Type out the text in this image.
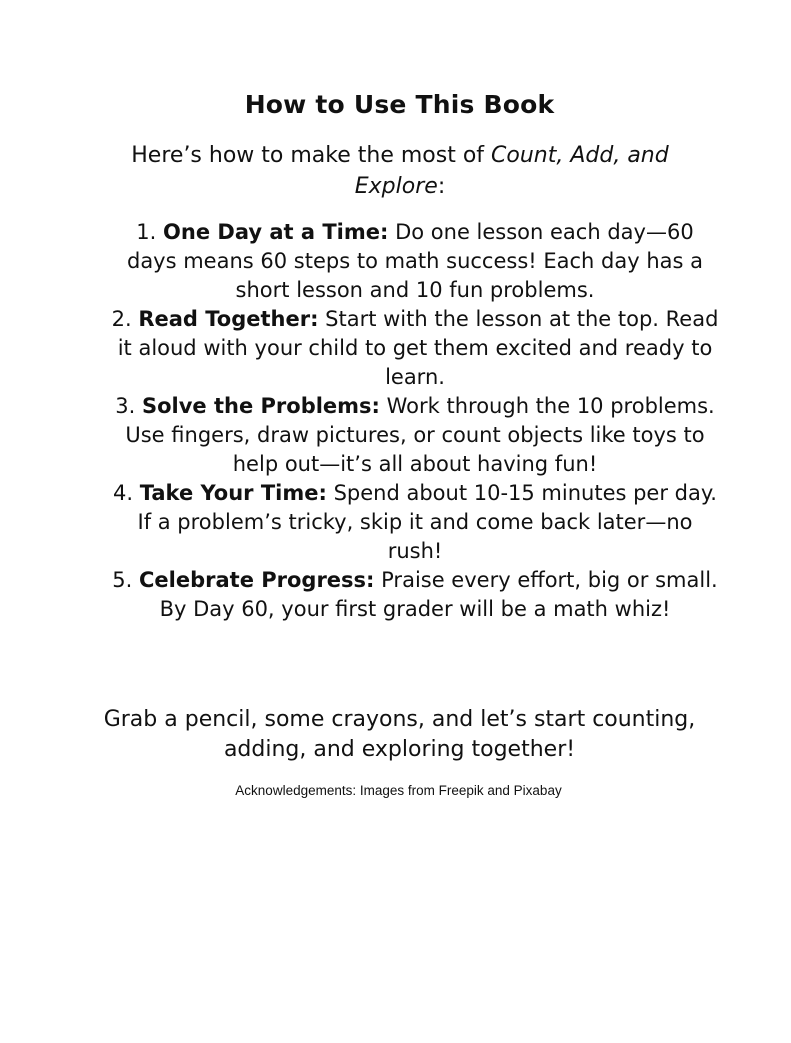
How to Use This Book
Here’s how to make the most of Count, Add, and Explore:
1. One Day at a Time: Do one lesson each day—60 days means 60 steps to math success! Each day has a short lesson and 10 fun problems.
2. Read Together: Start with the lesson at the top. Read it aloud with your child to get them excited and ready to learn.
3. Solve the Problems: Work through the 10 problems. Use fingers, draw pictures, or count objects like toys to help out—it’s all about having fun!
4. Take Your Time: Spend about 10-15 minutes per day. If a problem’s tricky, skip it and come back later—no rush!
5. Celebrate Progress: Praise every effort, big or small. By Day 60, your first grader will be a math whiz!
Grab a pencil, some crayons, and let’s start counting, adding, and exploring together!
Acknowledgements: Images from Freepik and Pixabay
